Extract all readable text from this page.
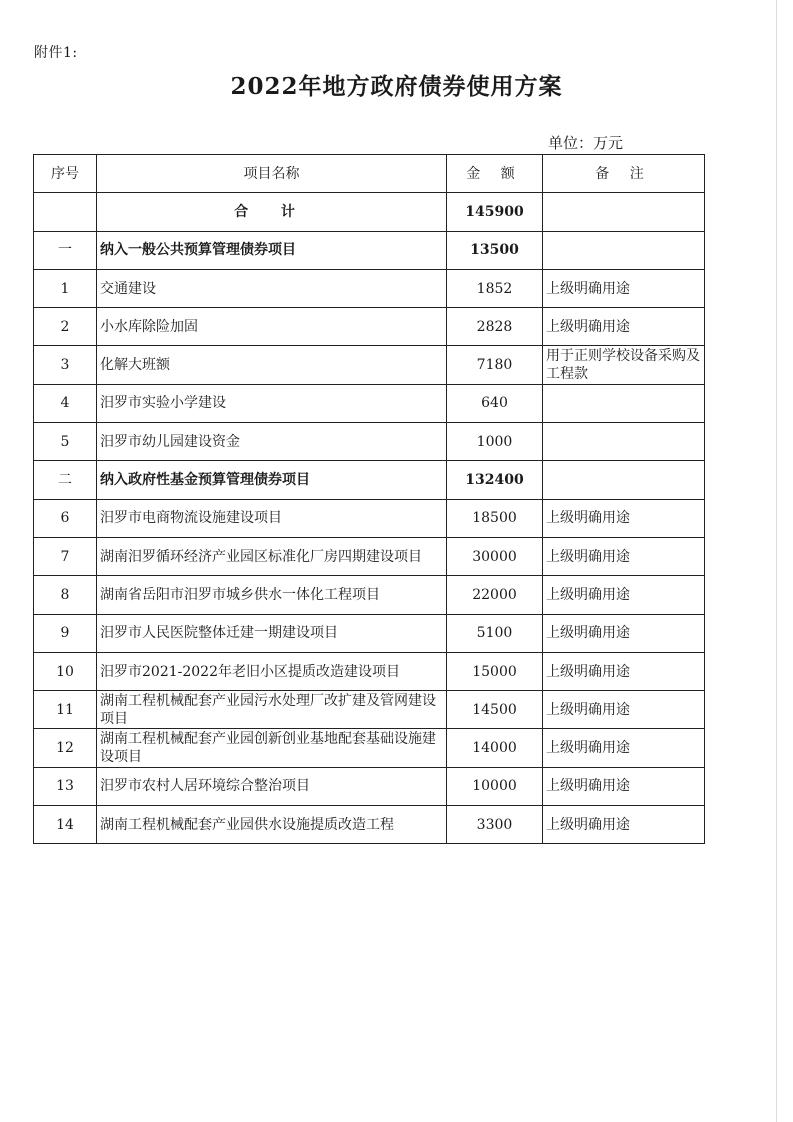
附件1:
2022年地方政府债券使用方案
单位：万元
序号	项目名称	金 额	备 注
	合 计	145900	
一	纳入一般公共预算管理债券项目	13500	
1	交通建设	1852	上级明确用途
2	小水库除险加固	2828	上级明确用途
3	化解大班额	7180	用于正则学校设备采购及工程款
4	汨罗市实验小学建设	640	
5	汨罗市幼儿园建设资金	1000	
二	纳入政府性基金预算管理债券项目	132400	
6	汨罗市电商物流设施建设项目	18500	上级明确用途
7	湖南汨罗循环经济产业园区标准化厂房四期建设项目	30000	上级明确用途
8	湖南省岳阳市汨罗市城乡供水一体化工程项目	22000	上级明确用途
9	汨罗市人民医院整体迁建一期建设项目	5100	上级明确用途
10	汨罗市2021-2022年老旧小区提质改造建设项目	15000	上级明确用途
11	湖南工程机械配套产业园污水处理厂改扩建及管网建设项目	14500	上级明确用途
12	湖南工程机械配套产业园创新创业基地配套基础设施建设项目	14000	上级明确用途
13	汨罗市农村人居环境综合整治项目	10000	上级明确用途
14	湖南工程机械配套产业园供水设施提质改造工程	3300	上级明确用途
